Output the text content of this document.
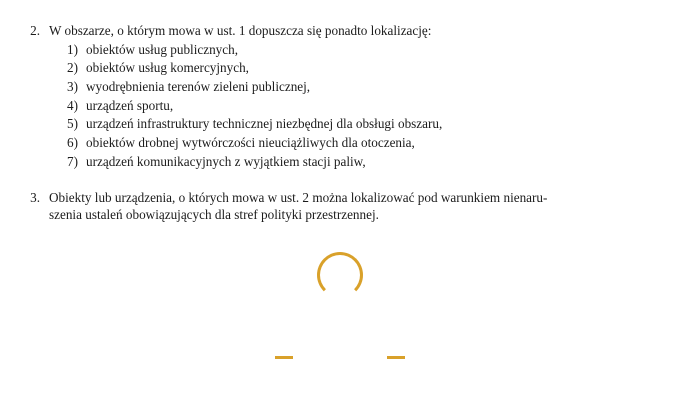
2. W obszarze, o którym mowa w ust. 1 dopuszcza się ponadto lokalizację:
1) obiektów usług publicznych,
2) obiektów usług komercyjnych,
3) wyodrębnienia terenów zieleni publicznej,
4) urządzeń sportu,
5) urządzeń infrastruktury technicznej niezbędnej dla obsługi obszaru,
6) obiektów drobnej wytwórczości nieuciążliwych dla otoczenia,
7) urządzeń komunikacyjnych z wyjątkiem stacji paliw,
3. Obiekty lub urządzenia, o których mowa w ust. 2 można lokalizować pod warunkiem nienaru-
szenia ustaleń obowiązujących dla stref polityki przestrzennej.
